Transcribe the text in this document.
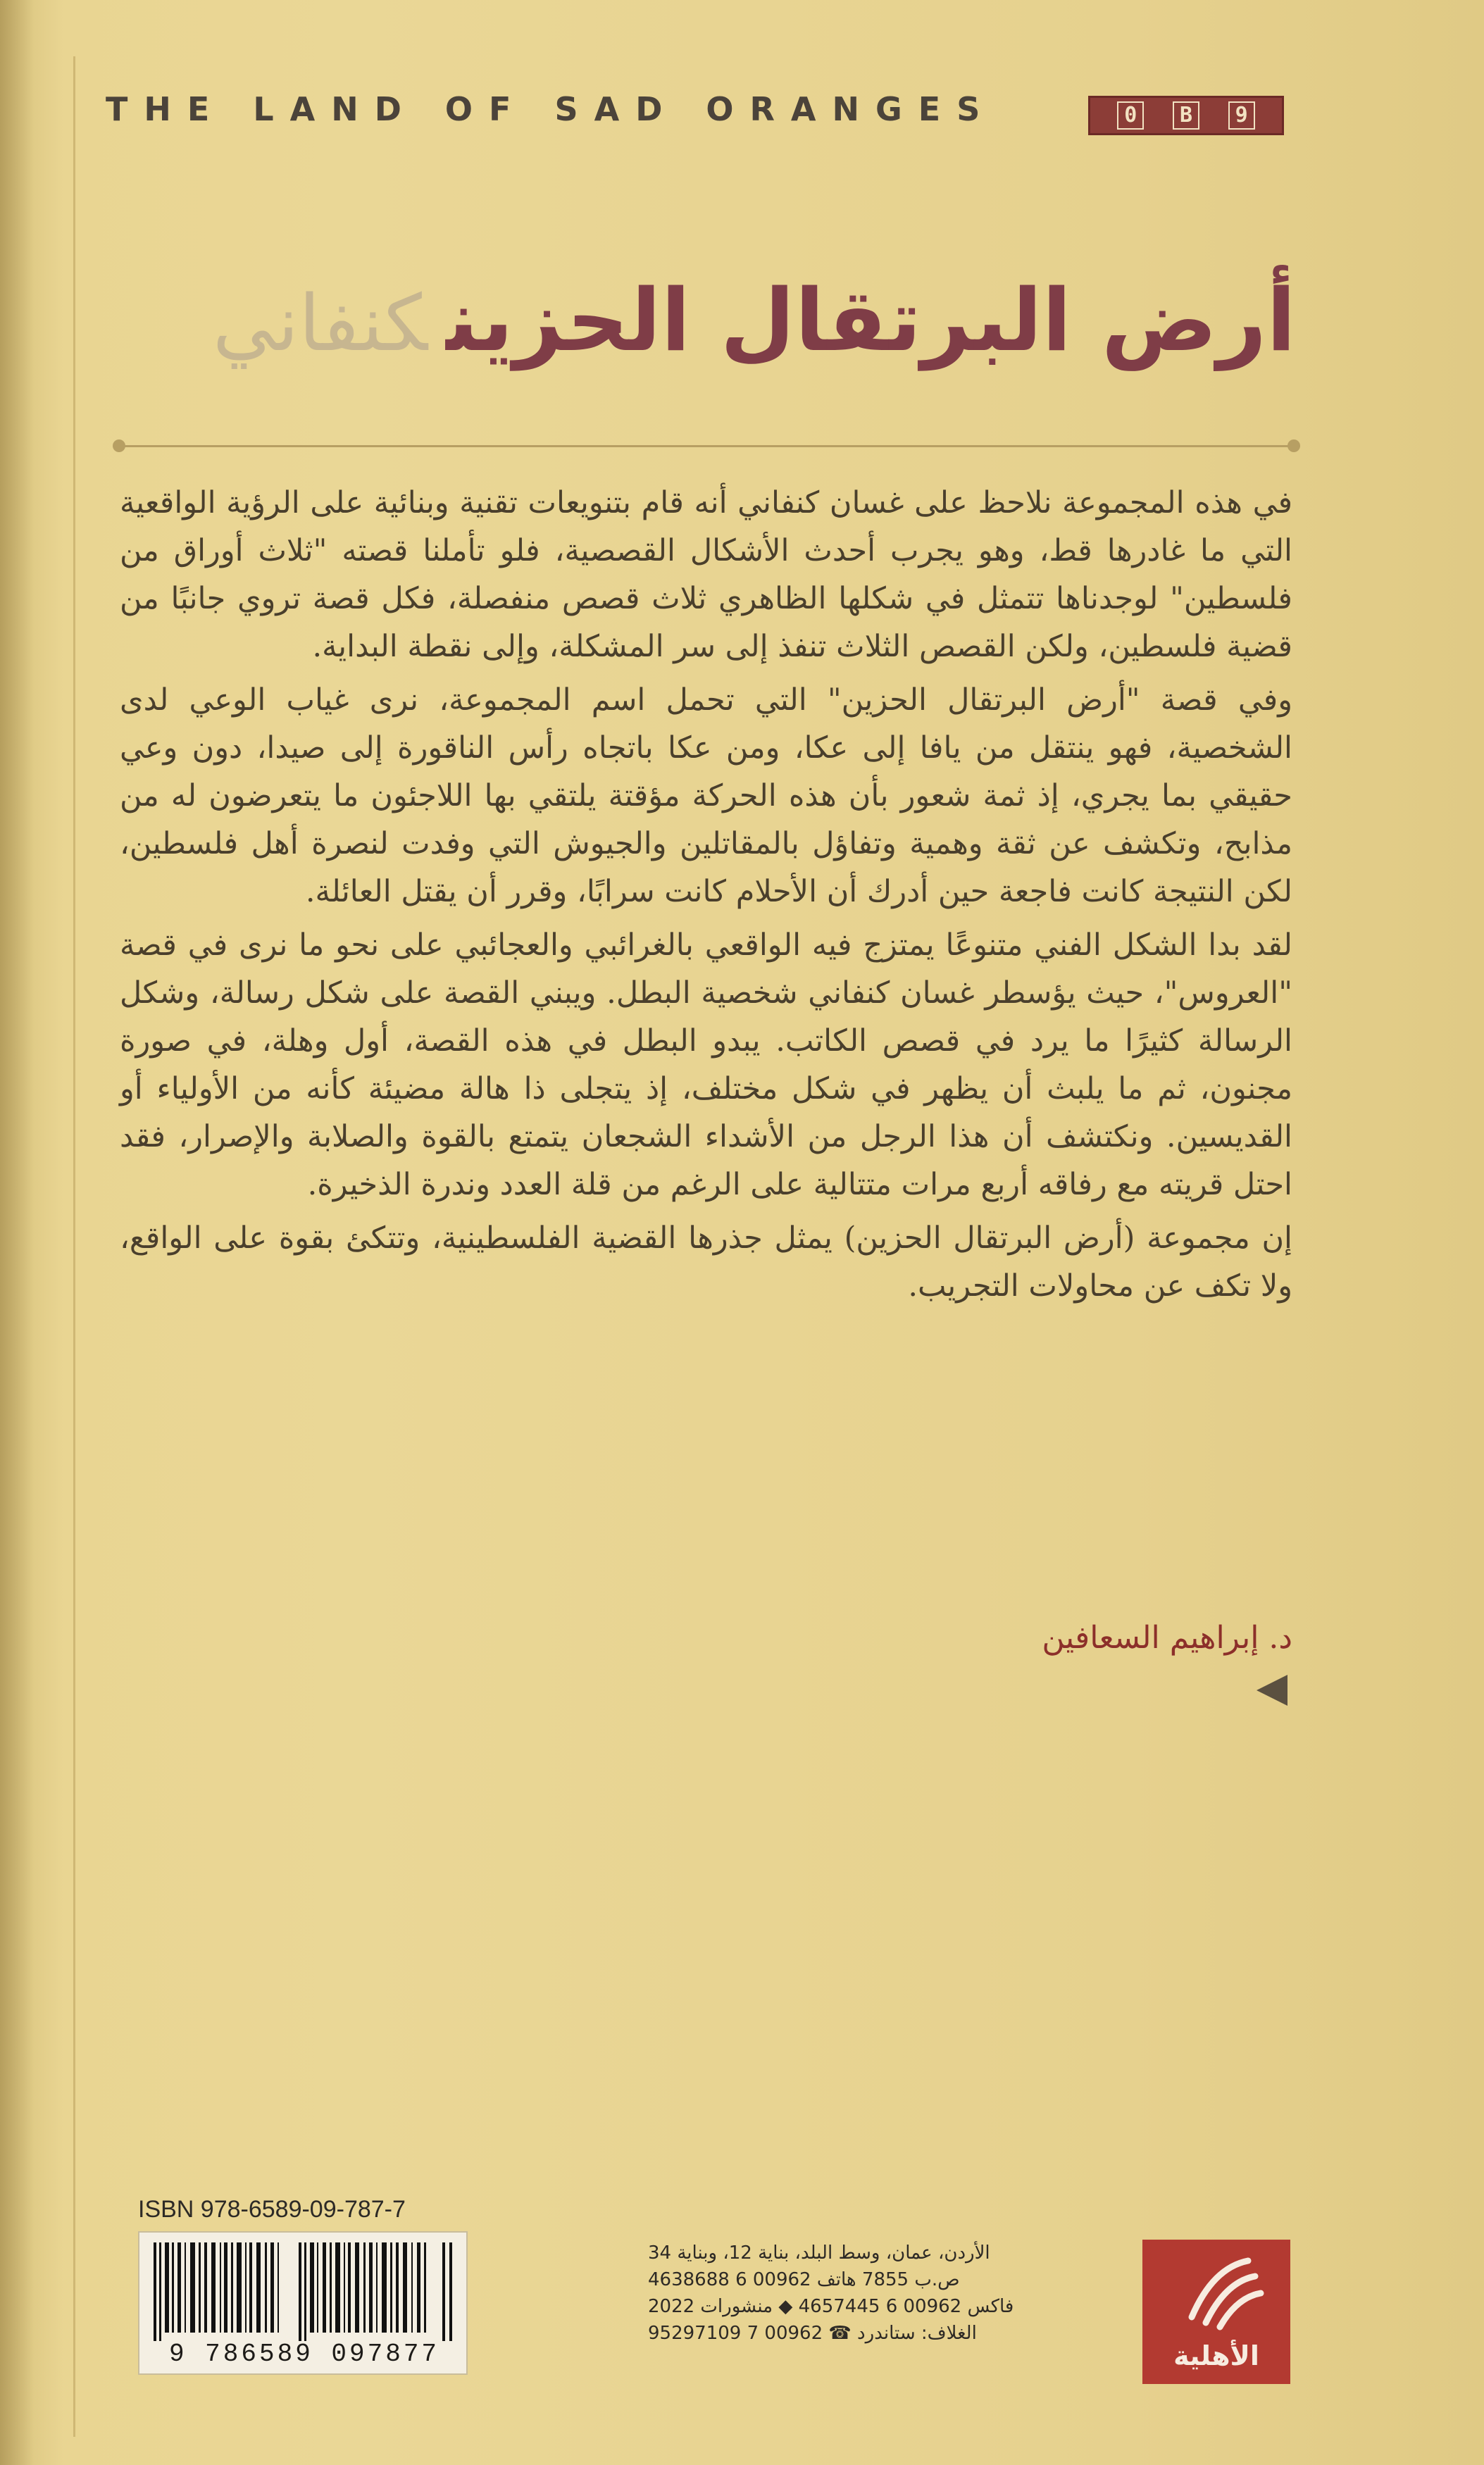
THE LAND OF SAD ORANGES	0	B	9
أرض البرتقال الحزينكنفاني

في هذه المجموعة نلاحظ على غسان كنفاني أنه قام بتنويعات تقنية وبنائية على الرؤية الواقعية التي ما غادرها قط، وهو يجرب أحدث الأشكال القصصية، فلو تأملنا قصته "ثلاث أوراق من فلسطين" لوجدناها تتمثل في شكلها الظاهري ثلاث قصص منفصلة، فكل قصة تروي جانبًا من قضية فلسطين، ولكن القصص الثلاث تنفذ إلى سر المشكلة، وإلى نقطة البداية.

وفي قصة "أرض البرتقال الحزين" التي تحمل اسم المجموعة، نرى غياب الوعي لدى الشخصية، فهو ينتقل من يافا إلى عكا، ومن عكا باتجاه رأس الناقورة إلى صيدا، دون وعي حقيقي بما يجري، إذ ثمة شعور بأن هذه الحركة مؤقتة يلتقي بها اللاجئون ما يتعرضون له من مذابح، وتكشف عن ثقة وهمية وتفاؤل بالمقاتلين والجيوش التي وفدت لنصرة أهل فلسطين، لكن النتيجة كانت فاجعة حين أدرك أن الأحلام كانت سرابًا، وقرر أن يقتل العائلة.

لقد بدا الشكل الفني متنوعًا يمتزج فيه الواقعي بالغرائبي والعجائبي على نحو ما نرى في قصة "العروس"، حيث يؤسطر غسان كنفاني شخصية البطل. ويبني القصة على شكل رسالة، وشكل الرسالة كثيرًا ما يرد في قصص الكاتب. يبدو البطل في هذه القصة، أول وهلة، في صورة مجنون، ثم ما يلبث أن يظهر في شكل مختلف، إذ يتجلى ذا هالة مضيئة كأنه من الأولياء أو القديسين. ونكتشف أن هذا الرجل من الأشداء الشجعان يتمتع بالقوة والصلابة والإصرار، فقد احتل قريته مع رفاقه أربع مرات متتالية على الرغم من قلة العدد وندرة الذخيرة.

إن مجموعة (أرض البرتقال الحزين) يمثل جذرها القضية الفلسطينية، وتتكئ بقوة على الواقع، ولا تكف عن محاولات التجريب.

د. إبراهيم السعافين
ISBN 978-6589-09-787-7
9 786589 097877
الأردن، عمان، وسط البلد، بناية 12، وبناية 34
ص.ب 7855 هاتف 00962 6 4638688
فاكس 00962 6 4657445 ◆ منشورات 2022
الغلاف: ستاندرد ☎ 00962 7 95297109
الأهلية
